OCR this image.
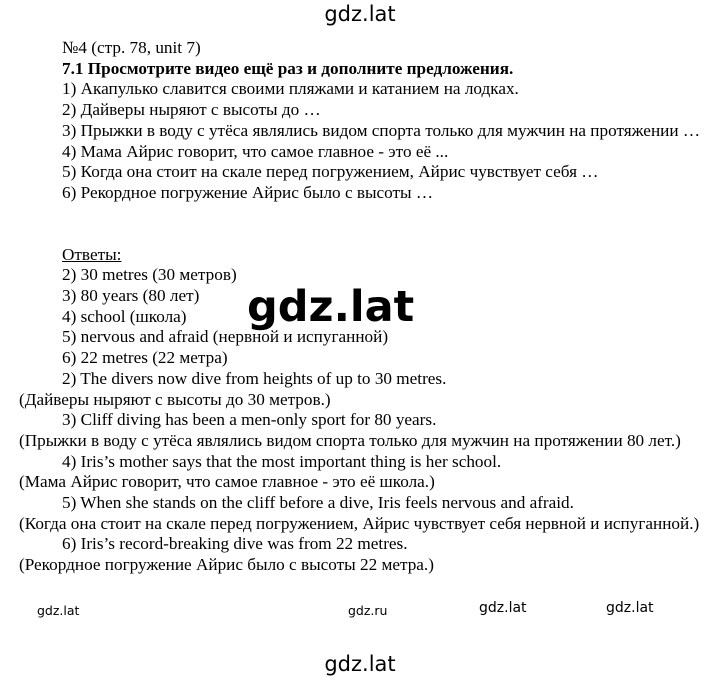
gdz.lat

№4 (стр. 78, unit 7)

7.1 Просмотрите видео ещё раз и дополните предложения.

1) Акапулько славится своими пляжами и катанием на лодках.

2) Дайверы ныряют с высоты до …

3) Прыжки в воду с утёса являлись видом спорта только для мужчин на протяжении …

4) Мама Айрис говорит, что самое главное - это её ...

5) Когда она стоит на скале перед погружением, Айрис чувствует себя …

6) Рекордное погружение Айрис было с высоты …

Ответы:

2) 30 metres (30 метров)

3) 80 years (80 лет)

4) school (школа)

5) nervous and afraid (нервной и испуганной)

6) 22 metres (22 метра)

2) The divers now dive from heights of up to 30 metres.

(Дайверы ныряют с высоты до 30 метров.)

3) Cliff diving has been a men-only sport for 80 years.

(Прыжки в воду с утёса являлись видом спорта только для мужчин на протяжении 80 лет.)

4) Iris’s mother says that the most important thing is her school.

(Мама Айрис говорит, что самое главное - это её школа.)

5) When she stands on the cliff before a dive, Iris feels nervous and afraid.

(Когда она стоит на скале перед погружением, Айрис чувствует себя нервной и испуганной.)

6) Iris’s record-breaking dive was from 22 metres.

(Рекордное погружение Айрис было с высоты 22 метра.)

gdz.lat
gdz.lat	gdz.ru	gdz.lat	gdz.lat
gdz.lat
